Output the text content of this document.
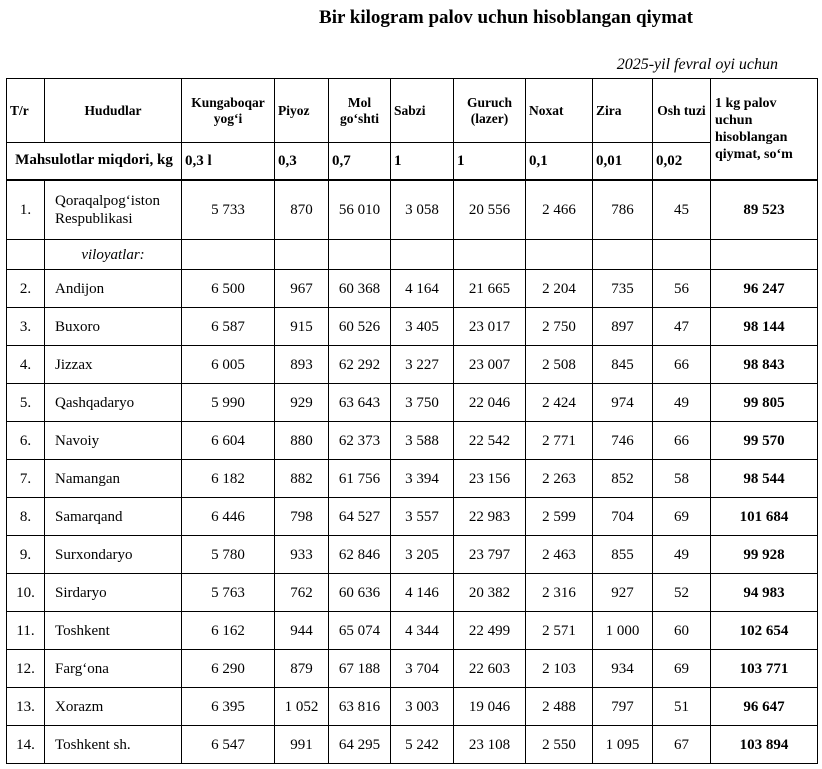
Bir kilogram palov uchun hisoblangan qiymat
2025-yil fevral oyi uchun
T/r	Hududlar	Kungaboqar yogʻi	Piyoz	Mol goʻshti	Sabzi	Guruch (lazer)	Noxat	Zira	Osh tuzi	1 kg palov uchun hisoblangan qiymat, soʻm
Mahsulotlar miqdori, kg		0,3 l	0,3	0,7	1	1	0,1	0,01	0,02	
1.	Qoraqalpogʻiston Respublikasi	5 733	870	56 010	3 058	20 556	2 466	786	45	89 523
	viloyatlar:									
2.	Andijon	6 500	967	60 368	4 164	21 665	2 204	735	56	96 247
3.	Buxoro	6 587	915	60 526	3 405	23 017	2 750	897	47	98 144
4.	Jizzax	6 005	893	62 292	3 227	23 007	2 508	845	66	98 843
5.	Qashqadaryo	5 990	929	63 643	3 750	22 046	2 424	974	49	99 805
6.	Navoiy	6 604	880	62 373	3 588	22 542	2 771	746	66	99 570
7.	Namangan	6 182	882	61 756	3 394	23 156	2 263	852	58	98 544
8.	Samarqand	6 446	798	64 527	3 557	22 983	2 599	704	69	101 684
9.	Surxondaryo	5 780	933	62 846	3 205	23 797	2 463	855	49	99 928
10.	Sirdaryo	5 763	762	60 636	4 146	20 382	2 316	927	52	94 983
11.	Toshkent	6 162	944	65 074	4 344	22 499	2 571	1 000	60	102 654
12.	Fargʻona	6 290	879	67 188	3 704	22 603	2 103	934	69	103 771
13.	Xorazm	6 395	1 052	63 816	3 003	19 046	2 488	797	51	96 647
14.	Toshkent sh.	6 547	991	64 295	5 242	23 108	2 550	1 095	67	103 894
